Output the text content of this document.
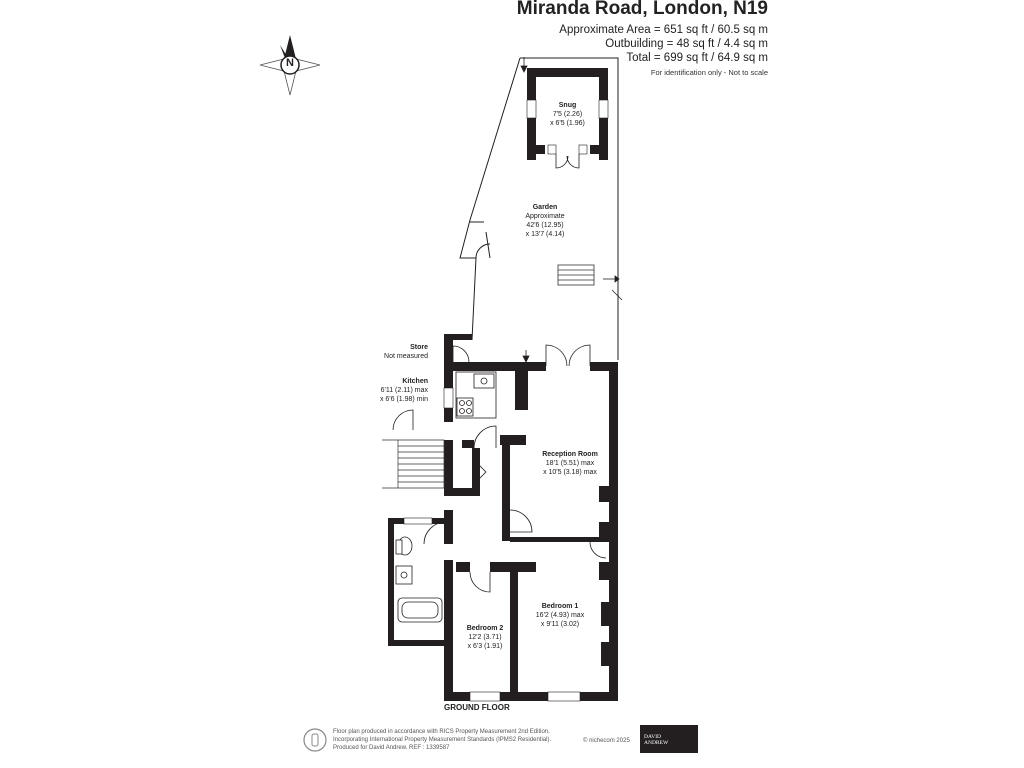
Miranda Road, London, N19
Approximate Area = 651 sq ft / 60.5 sq m
Outbuilding = 48 sq ft / 4.4 sq m
Total = 699 sq ft / 64.9 sq m
For identification only - Not to scale
N
Snug
7'5 (2.26)
x 6'5 (1.96)
Garden
Approximate
42'6 (12.95)
x 13'7 (4.14)
Store
Not measured
Kitchen
6'11 (2.11) max
x 6'6 (1.98) min
Reception Room
18'1 (5.51) max
x 10'5 (3.18) max
Bedroom 1
16'2 (4.93) max
x 9'11 (3.02)
Bedroom 2
12'2 (3.71)
x 6'3 (1.91)
GROUND FLOOR
Floor plan produced in accordance with RICS Property Measurement 2nd Edition,
Incorporating International Property Measurement Standards (IPMS2 Residential).
Produced for David Andrew. REF : 1339587
© nichecom 2025
DAVID
ANDREW
